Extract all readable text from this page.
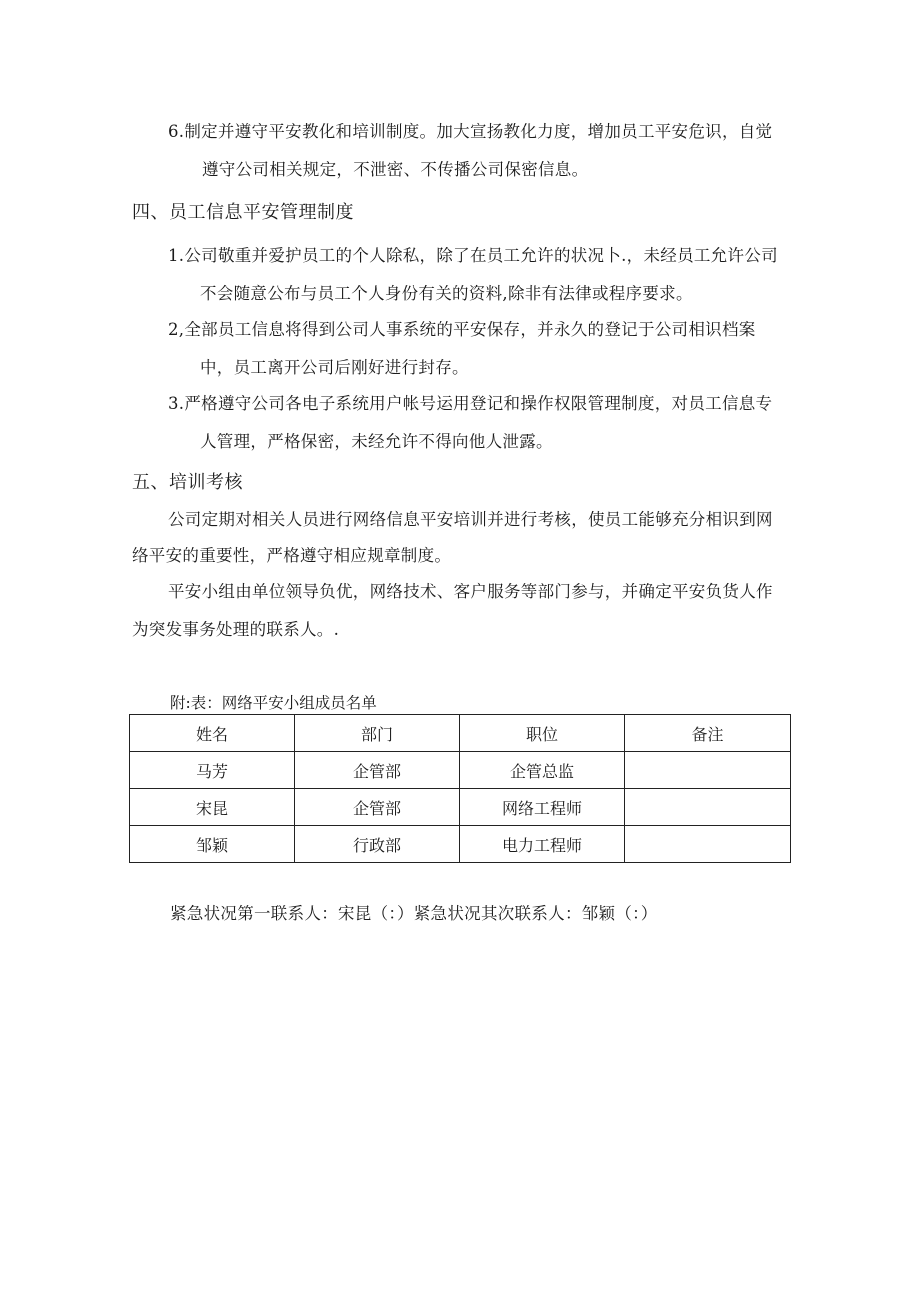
6.制定并遵守平安教化和培训制度。加大宣扬教化力度，增加员工平安危识，自觉
遵守公司相关规定，不泄密、不传播公司保密信息。
四、员工信息平安管理制度
1.公司敬重并爱护员工的个人除私，除了在员工允许的状况卜.，未经员工允许公司
不会随意公布与员工个人身份有关的资料,除非有法律或程序要求。
2,全部员工信息将得到公司人事系统的平安保存，并永久的登记于公司相识档案
中，员工离开公司后刚好进行封存。
3.严格遵守公司各电子系统用户帐号运用登记和操作权限管理制度，对员工信息专
人管理，严格保密，未经允许不得向他人泄露。
五、培训考核
公司定期对相关人员进行网络信息平安培训并进行考核，使员工能够充分相识到网
络平安的重要性，严格遵守相应规章制度。
平安小组由单位领导负优，网络技术、客户服务等部门参与，并确定平安负货人作
为突发事务处理的联系人。.
附:表：网络平安小组成员名单
姓名	部门	职位	备注
马芳	企管部	企管总监	
宋昆	企管部	网络工程师	
邹颖	行政部	电力工程师	
紧急状况第一联系人：宋昆（：）紧急状况其次联系人：邹颖（：）
